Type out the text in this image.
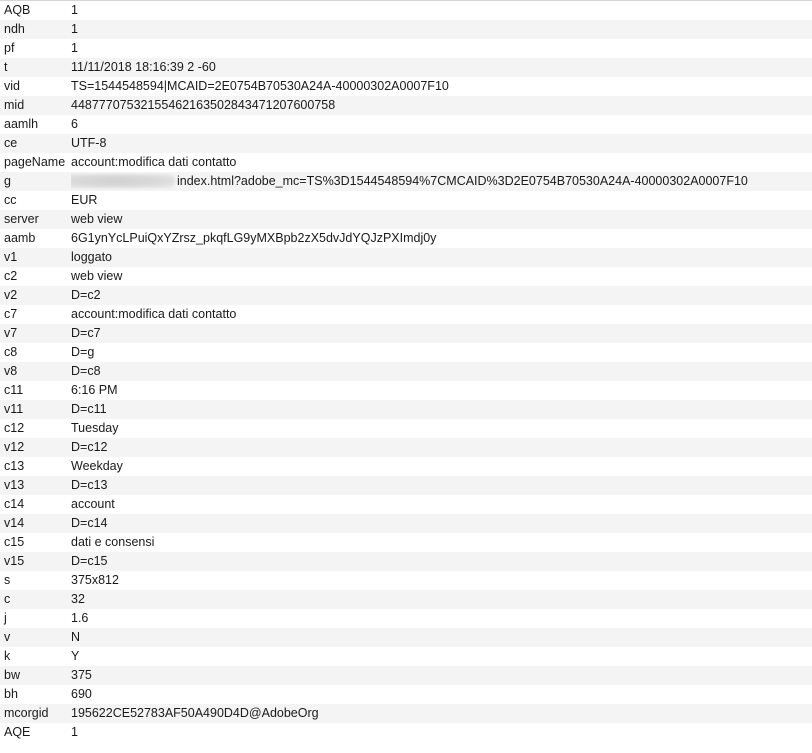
AQB	1
ndh	1
pf	1
t	11/11/2018 18:16:39 2 -60
vid	TS=1544548594|MCAID=2E0754B70530A24A-40000302A0007F10
mid	44877707532155462163502843471207600758
aamlh	6
ce	UTF-8
pageName	account:modifica dati contatto
g	index.html?adobe_mc=TS%3D1544548594%7CMCAID%3D2E0754B70530A24A-40000302A0007F10
cc	EUR
server	web view
aamb	6G1ynYcLPuiQxYZrsz_pkqfLG9yMXBpb2zX5dvJdYQJzPXImdj0y
v1	loggato
c2	web view
v2	D=c2
c7	account:modifica dati contatto
v7	D=c7
c8	D=g
v8	D=c8
c11	6:16 PM
v11	D=c11
c12	Tuesday
v12	D=c12
c13	Weekday
v13	D=c13
c14	account
v14	D=c14
c15	dati e consensi
v15	D=c15
s	375x812
c	32
j	1.6
v	N
k	Y
bw	375
bh	690
mcorgid	195622CE52783AF50A490D4D@AdobeOrg
AQE	1
